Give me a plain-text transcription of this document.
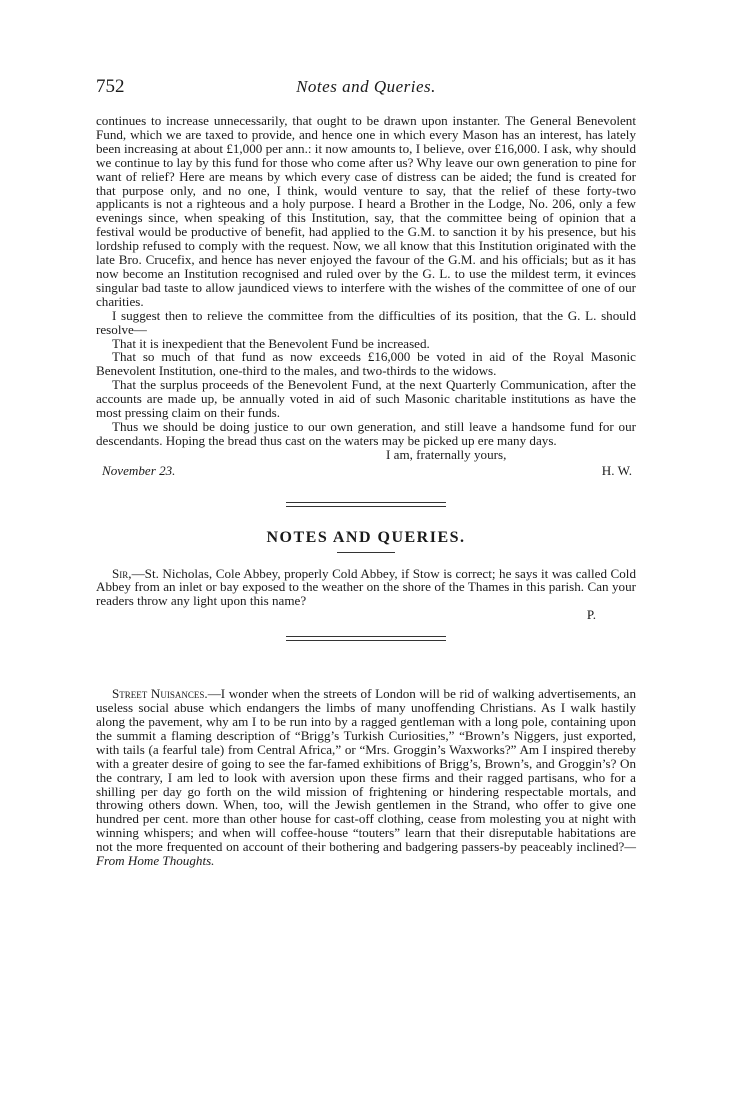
752	Notes and Queries.

continues to increase unnecessarily, that ought to be drawn upon instanter. The General Benevolent Fund, which we are taxed to provide, and hence one in which every Mason has an interest, has lately been increasing at about £1,000 per ann.: it now amounts to, I believe, over £16,000. I ask, why should we continue to lay by this fund for those who come after us? Why leave our own generation to pine for want of relief? Here are means by which every case of distress can be aided; the fund is created for that purpose only, and no one, I think, would venture to say, that the relief of these forty-two applicants is not a righteous and a holy purpose. I heard a Brother in the Lodge, No. 206, only a few evenings since, when speaking of this Institution, say, that the committee being of opinion that a festival would be productive of benefit, had applied to the G.M. to sanction it by his presence, but his lordship refused to comply with the request. Now, we all know that this Institution originated with the late Bro. Crucefix, and hence has never enjoyed the favour of the G.M. and his officials; but as it has now become an Institution recognised and ruled over by the G. L. to use the mildest term, it evinces singular bad taste to allow jaundiced views to interfere with the wishes of the committee of one of our charities.

I suggest then to relieve the committee from the difficulties of its position, that the G. L. should resolve—

That it is inexpedient that the Benevolent Fund be increased.

That so much of that fund as now exceeds £16,000 be voted in aid of the Royal Masonic Benevolent Institution, one-third to the males, and two-thirds to the widows.

That the surplus proceeds of the Benevolent Fund, at the next Quarterly Communication, after the accounts are made up, be annually voted in aid of such Masonic charitable institutions as have the most pressing claim on their funds.

Thus we should be doing justice to our own generation, and still leave a handsome fund for our descendants. Hoping the bread thus cast on the waters may be picked up ere many days.

I am, fraternally yours,

November 23.	H. W.
NOTES AND QUERIES.

Sir,—St. Nicholas, Cole Abbey, properly Cold Abbey, if Stow is correct; he says it was called Cold Abbey from an inlet or bay exposed to the weather on the shore of the Thames in this parish. Can your readers throw any light upon this name?

P.

Street Nuisances.—I wonder when the streets of London will be rid of walking advertisements, an useless social abuse which endangers the limbs of many unoffending Christians. As I walk hastily along the pavement, why am I to be run into by a ragged gentleman with a long pole, containing upon the summit a flaming description of “Brigg’s Turkish Curiosities,” “Brown’s Niggers, just exported, with tails (a fearful tale) from Central Africa,” or “Mrs. Groggin’s Waxworks?” Am I inspired thereby with a greater desire of going to see the far-famed exhibitions of Brigg’s, Brown’s, and Groggin’s? On the contrary, I am led to look with aversion upon these firms and their ragged partisans, who for a shilling per day go forth on the wild mission of frightening or hindering respectable mortals, and throwing others down. When, too, will the Jewish gentlemen in the Strand, who offer to give one hundred per cent. more than other house for cast-off clothing, cease from molesting you at night with winning whispers; and when will coffee-house “touters” learn that their disreputable habitations are not the more frequented on account of their bothering and badgering passers-by peaceably inclined?—From Home Thoughts.
